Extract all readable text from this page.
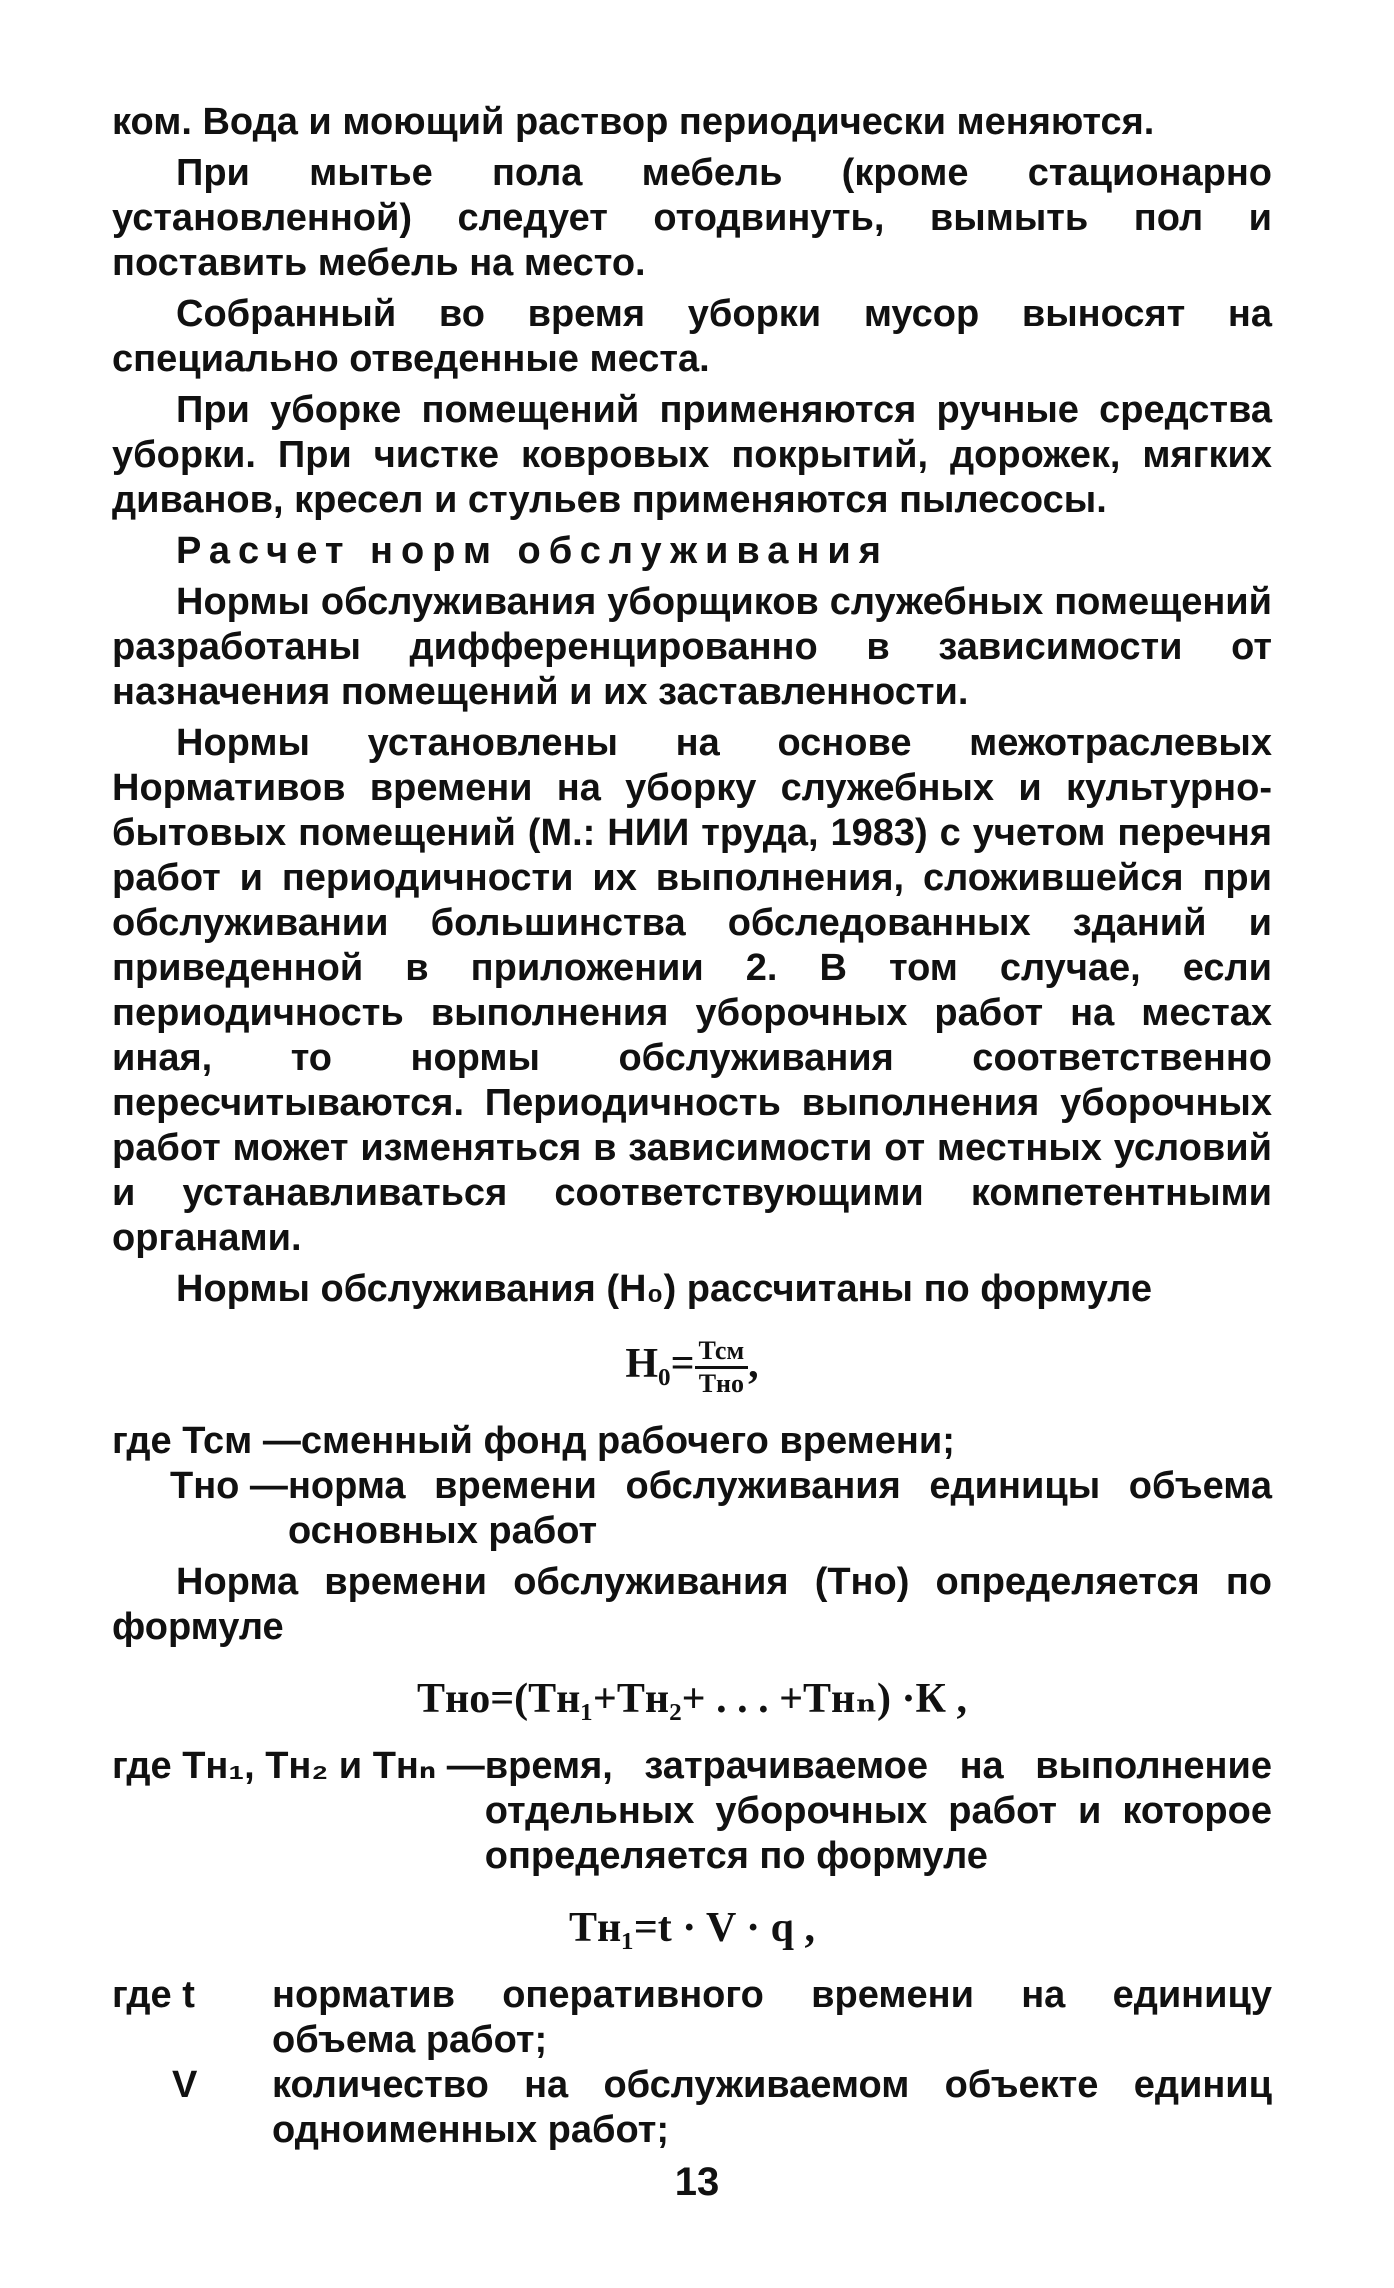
ком. Вода и моющий раствор периодически меняются.

При мытье пола мебель (кроме стационарно установленной) следует отодвинуть, вымыть пол и поставить мебель на место.

Собранный во время уборки мусор выносят на специально отведенные места.

При уборке помещений применяются ручные средства уборки. При чистке ковровых покрытий, дорожек, мягких диванов, кресел и стульев применяются пылесосы.

Расчет норм обслуживания

Нормы обслуживания уборщиков служебных помещений разработаны дифференцированно в зависимости от назначения помещений и их заставленности.

Нормы установлены на основе межотраслевых Нормативов времени на уборку служебных и культурно-бытовых помещений (М.: НИИ труда, 1983) с учетом перечня работ и периодичности их выполнения, сложившейся при обслуживании большинства обследованных зданий и приведенной в приложении 2. В том случае, если периодичность выполнения уборочных работ на местах иная, то нормы обслуживания соответственно пересчитываются. Периодичность выполнения уборочных работ может изменяться в зависимости от местных условий и устанавливаться соответствующими компетентными органами.

Нормы обслуживания (Н₀) рассчитаны по формуле

$Н_0= \frac{\text{Тсм}}{\text{Тно}}$ ,
где Тсм — сменный фонд рабочего времени;
Тно — норма времени обслуживания единицы объема основных работ

Норма времени обслуживания (Тно) определяется по формуле

Тно=(Тн₁+Тн₂+ . . . +Тнₙ) ·К ,
где Тн₁, Тн₂ и Тнₙ — время, затрачиваемое на выполнение отдельных уборочных работ и которое определяется по формуле
Тн₁=t · V · q ,
где t	норматив оперативного времени на единицу объема работ;
V	количество на обслуживаемом объекте единиц одноименных работ;
13
